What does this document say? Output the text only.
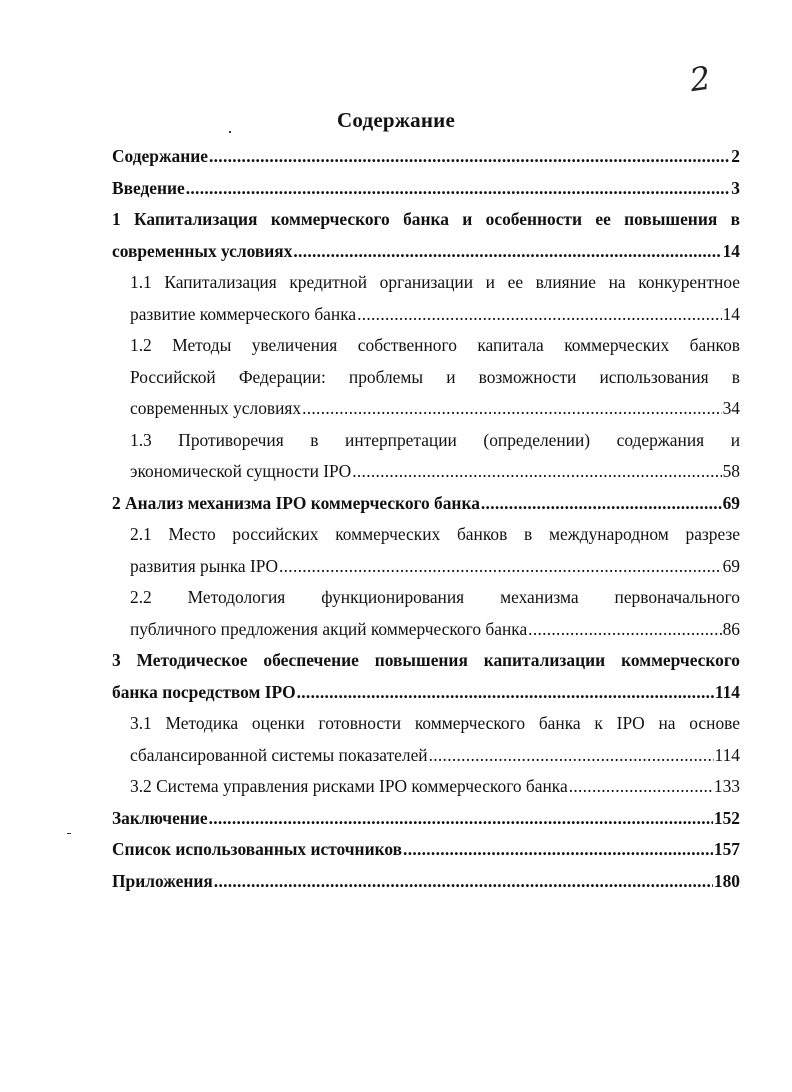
2
Содержание
Содержание .....	2
Введение .....	3
1 Капитализация коммерческого банка и особенности ее повышения в
современных условиях .....	14
1.1 Капитализация кредитной организации и ее влияние на конкурентное
развитие коммерческого банка .....	14
1.2 Методы увеличения собственного капитала коммерческих банков
Российской Федерации: проблемы и возможности использования в
современных условиях .....	34
1.3 Противоречия в интерпретации (определении) содержания и
экономической сущности IPO .....	58
2 Анализ механизма IPO коммерческого банка .....	69
2.1 Место российских коммерческих банков в международном разрезе
развития рынка IPO .....	69
2.2 Методология функционирования механизма первоначального
публичного предложения акций коммерческого банка .....	86
3 Методическое обеспечение повышения капитализации коммерческого
банка посредством IPO .....	114
3.1 Методика оценки готовности коммерческого банка к IPO на основе
сбалансированной системы показателей .....	114
3.2 Система управления рисками IPO коммерческого банка .....	133
Заключение .....	152
Список использованных источников .....	157
Приложения .....	180
